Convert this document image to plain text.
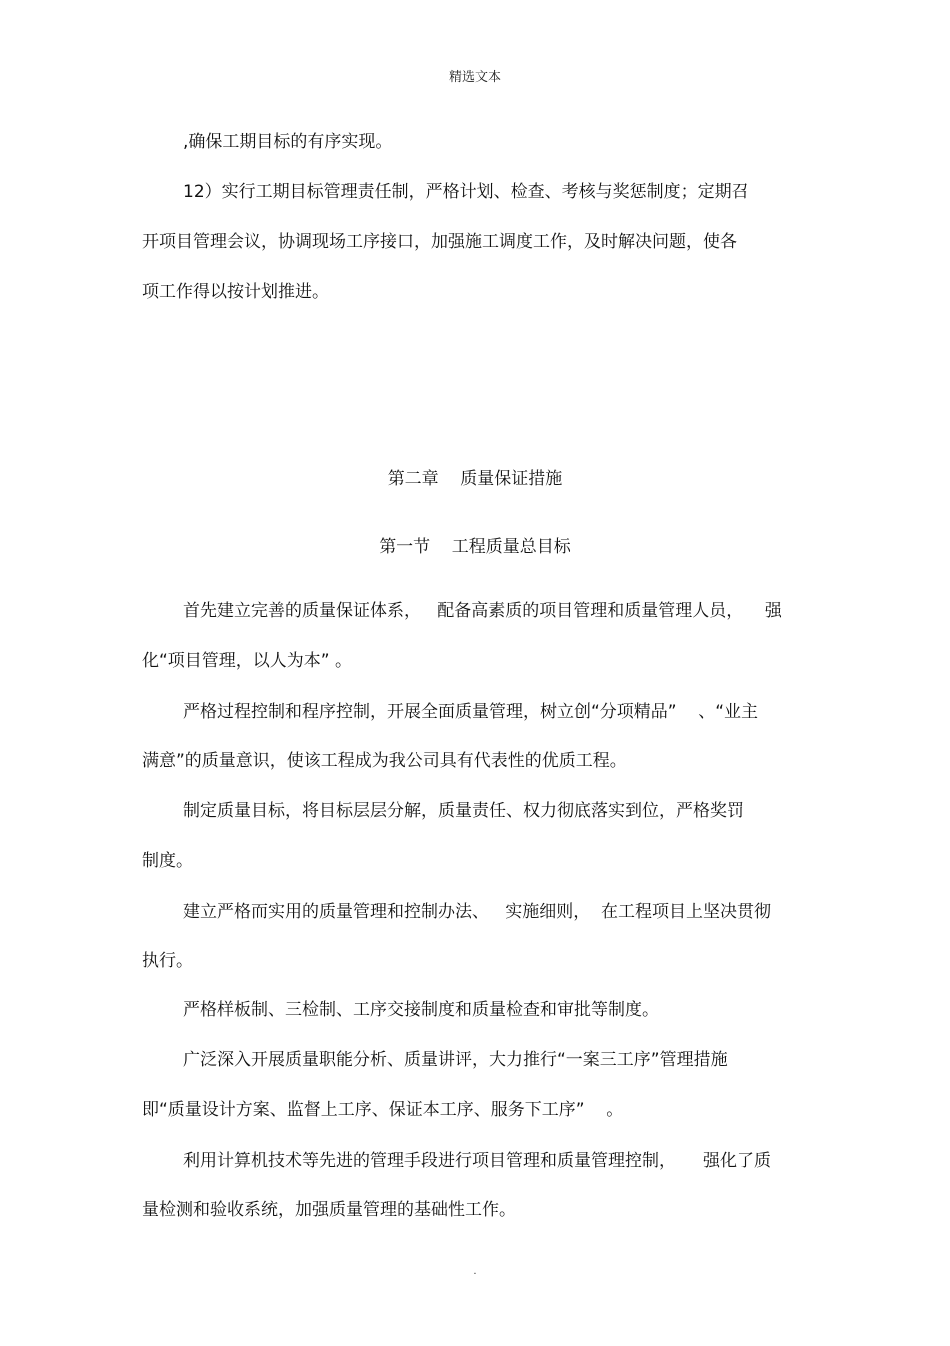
精选文本
,确保工期目标的有序实现。
12）实行工期目标管理责任制，严格计划、检查、考核与奖惩制度；定期召
开项目管理会议，协调现场工序接口，加强施工调度工作，及时解决问题，使各
项工作得以按计划推进。
第二章    质量保证措施
第一节    工程质量总目标
首先建立完善的质量保证体系，   配备高素质的项目管理和质量管理人员，    强
化“项目管理，以人为本” 。
严格过程控制和程序控制，开展全面质量管理，树立创“分项精品”    、“业主
满意”的质量意识，使该工程成为我公司具有代表性的优质工程。
制定质量目标，将目标层层分解，质量责任、权力彻底落实到位，严格奖罚
制度。
建立严格而实用的质量管理和控制办法、   实施细则，  在工程项目上坚决贯彻
执行。
严格样板制、三检制、工序交接制度和质量检查和审批等制度。
广泛深入开展质量职能分析、质量讲评，大力推行“一案三工序”管理措施
即“质量设计方案、监督上工序、保证本工序、服务下工序”    。
利用计算机技术等先进的管理手段进行项目管理和质量管理控制，     强化了质
量检测和验收系统，加强质量管理的基础性工作。
.
